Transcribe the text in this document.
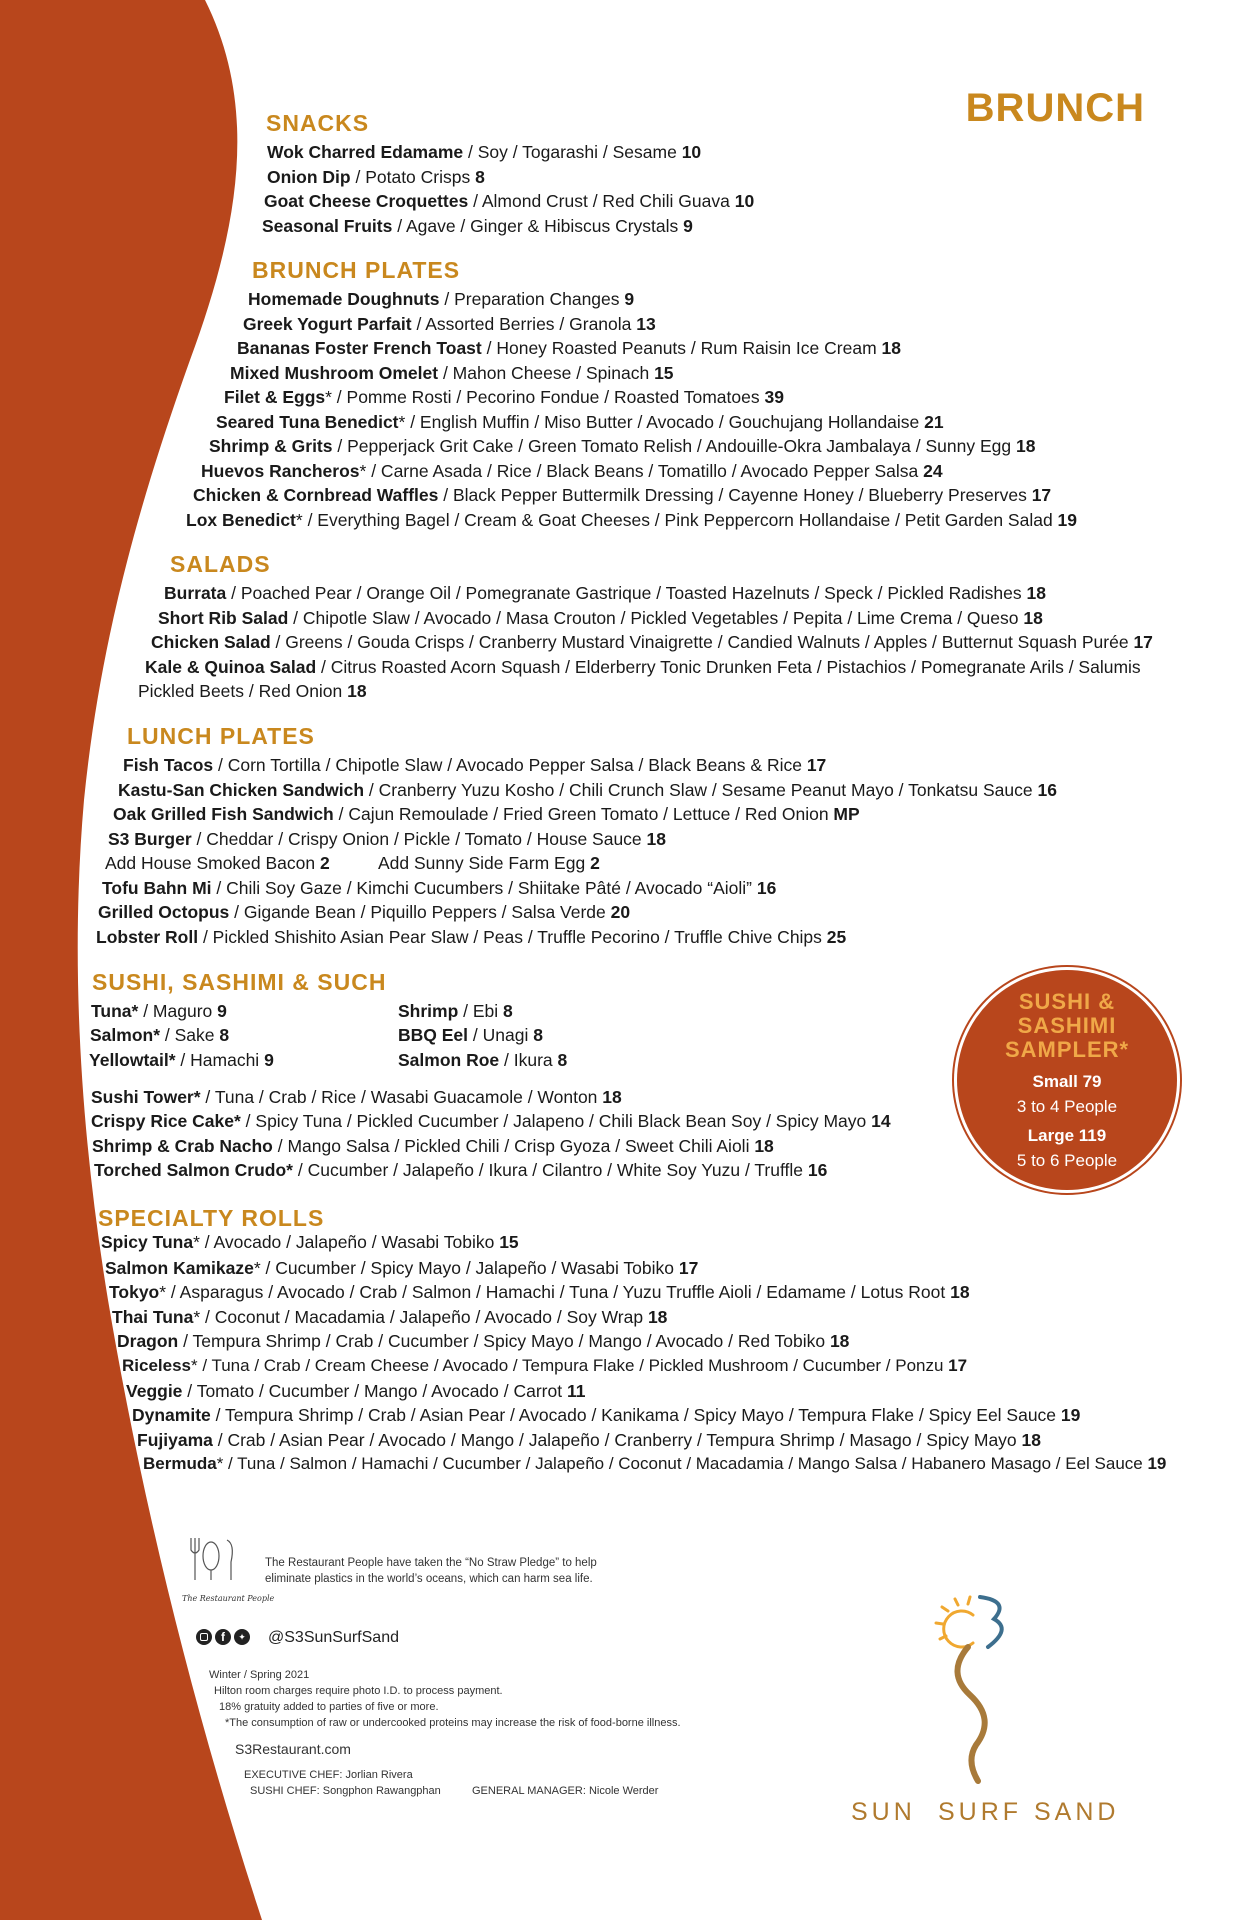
BRUNCH
SNACKS
Wok Charred Edamame / Soy / Togarashi / Sesame 10
Onion Dip / Potato Crisps 8
Goat Cheese Croquettes / Almond Crust / Red Chili Guava 10
Seasonal Fruits / Agave / Ginger & Hibiscus Crystals 9
BRUNCH PLATES
Homemade Doughnuts / Preparation Changes 9
Greek Yogurt Parfait / Assorted Berries / Granola 13
Bananas Foster French Toast / Honey Roasted Peanuts / Rum Raisin Ice Cream 18
Mixed Mushroom Omelet / Mahon Cheese / Spinach 15
Filet & Eggs* / Pomme Rosti / Pecorino Fondue / Roasted Tomatoes 39
Seared Tuna Benedict* / English Muffin / Miso Butter / Avocado / Gouchujang Hollandaise 21
Shrimp & Grits / Pepperjack Grit Cake / Green Tomato Relish / Andouille-Okra Jambalaya / Sunny Egg 18
Huevos Rancheros* / Carne Asada / Rice / Black Beans / Tomatillo / Avocado Pepper Salsa 24
Chicken & Cornbread Waffles / Black Pepper Buttermilk Dressing / Cayenne Honey / Blueberry Preserves 17
Lox Benedict* / Everything Bagel / Cream & Goat Cheeses / Pink Peppercorn Hollandaise / Petit Garden Salad 19
SALADS
Burrata / Poached Pear / Orange Oil / Pomegranate Gastrique / Toasted Hazelnuts / Speck / Pickled Radishes 18
Short Rib Salad / Chipotle Slaw / Avocado / Masa Crouton / Pickled Vegetables / Pepita / Lime Crema / Queso 18
Chicken Salad / Greens / Gouda Crisps / Cranberry Mustard Vinaigrette / Candied Walnuts / Apples / Butternut Squash Purée 17
Kale & Quinoa Salad / Citrus Roasted Acorn Squash / Elderberry Tonic Drunken Feta / Pistachios / Pomegranate Arils / Salumis
Pickled Beets / Red Onion 18
LUNCH PLATES
Fish Tacos / Corn Tortilla / Chipotle Slaw / Avocado Pepper Salsa / Black Beans & Rice 17
Kastu-San Chicken Sandwich / Cranberry Yuzu Kosho / Chili Crunch Slaw / Sesame Peanut Mayo / Tonkatsu Sauce 16
Oak Grilled Fish Sandwich / Cajun Remoulade / Fried Green Tomato / Lettuce / Red Onion MP
S3 Burger / Cheddar / Crispy Onion / Pickle / Tomato / House Sauce 18
Add House Smoked Bacon 2	Add Sunny Side Farm Egg 2
Tofu Bahn Mi / Chili Soy Gaze / Kimchi Cucumbers / Shiitake Pâté / Avocado “Aioli” 16
Grilled Octopus / Gigande Bean / Piquillo Peppers / Salsa Verde 20
Lobster Roll / Pickled Shishito Asian Pear Slaw / Peas / Truffle Pecorino / Truffle Chive Chips 25
SUSHI, SASHIMI & SUCH
Tuna* / Maguro 9
Salmon* / Sake 8
Yellowtail* / Hamachi 9
Shrimp / Ebi 8
BBQ Eel / Unagi 8
Salmon Roe / Ikura 8
Sushi Tower* / Tuna / Crab / Rice / Wasabi Guacamole / Wonton 18
Crispy Rice Cake* / Spicy Tuna / Pickled Cucumber / Jalapeno / Chili Black Bean Soy / Spicy Mayo 14
Shrimp & Crab Nacho / Mango Salsa / Pickled Chili / Crisp Gyoza / Sweet Chili Aioli 18
Torched Salmon Crudo* / Cucumber / Jalapeño / Ikura / Cilantro / White Soy Yuzu / Truffle 16
SUSHI &
SASHIMI
SAMPLER*
Small 79
3 to 4 People
Large 119
5 to 6 People
SPECIALTY ROLLS
Spicy Tuna* / Avocado / Jalapeño / Wasabi Tobiko 15
Salmon Kamikaze* / Cucumber / Spicy Mayo / Jalapeño / Wasabi Tobiko 17
Tokyo* / Asparagus / Avocado / Crab / Salmon / Hamachi / Tuna / Yuzu Truffle Aioli / Edamame / Lotus Root 18
Thai Tuna* / Coconut / Macadamia / Jalapeño / Avocado / Soy Wrap 18
Dragon / Tempura Shrimp / Crab / Cucumber / Spicy Mayo / Mango / Avocado / Red Tobiko 18
Riceless* / Tuna / Crab / Cream Cheese / Avocado / Tempura Flake / Pickled Mushroom / Cucumber / Ponzu 17
Veggie / Tomato / Cucumber / Mango / Avocado / Carrot 11
Dynamite / Tempura Shrimp / Crab / Asian Pear / Avocado / Kanikama / Spicy Mayo / Tempura Flake / Spicy Eel Sauce 19
Fujiyama / Crab / Asian Pear / Avocado / Mango / Jalapeño / Cranberry / Tempura Shrimp / Masago / Spicy Mayo 18
Bermuda* / Tuna / Salmon / Hamachi / Cucumber / Jalapeño / Coconut / Macadamia / Mango Salsa / Habanero Masago / Eel Sauce 19
The Restaurant People
The Restaurant People have taken the “No Straw Pledge” to help
eliminate plastics in the world’s oceans, which can harm sea life.
f	✦ @S3SunSurfSand
Winter / Spring 2021
Hilton room charges require photo I.D. to process payment.
18% gratuity added to parties of five or more.
*The consumption of raw or undercooked proteins may increase the risk of food-borne illness.
S3Restaurant.com
EXECUTIVE CHEF: Jorlian Rivera
SUSHI CHEF: Songphon Rawangphan	GENERAL MANAGER: Nicole Werder
SUN SURF SAND
